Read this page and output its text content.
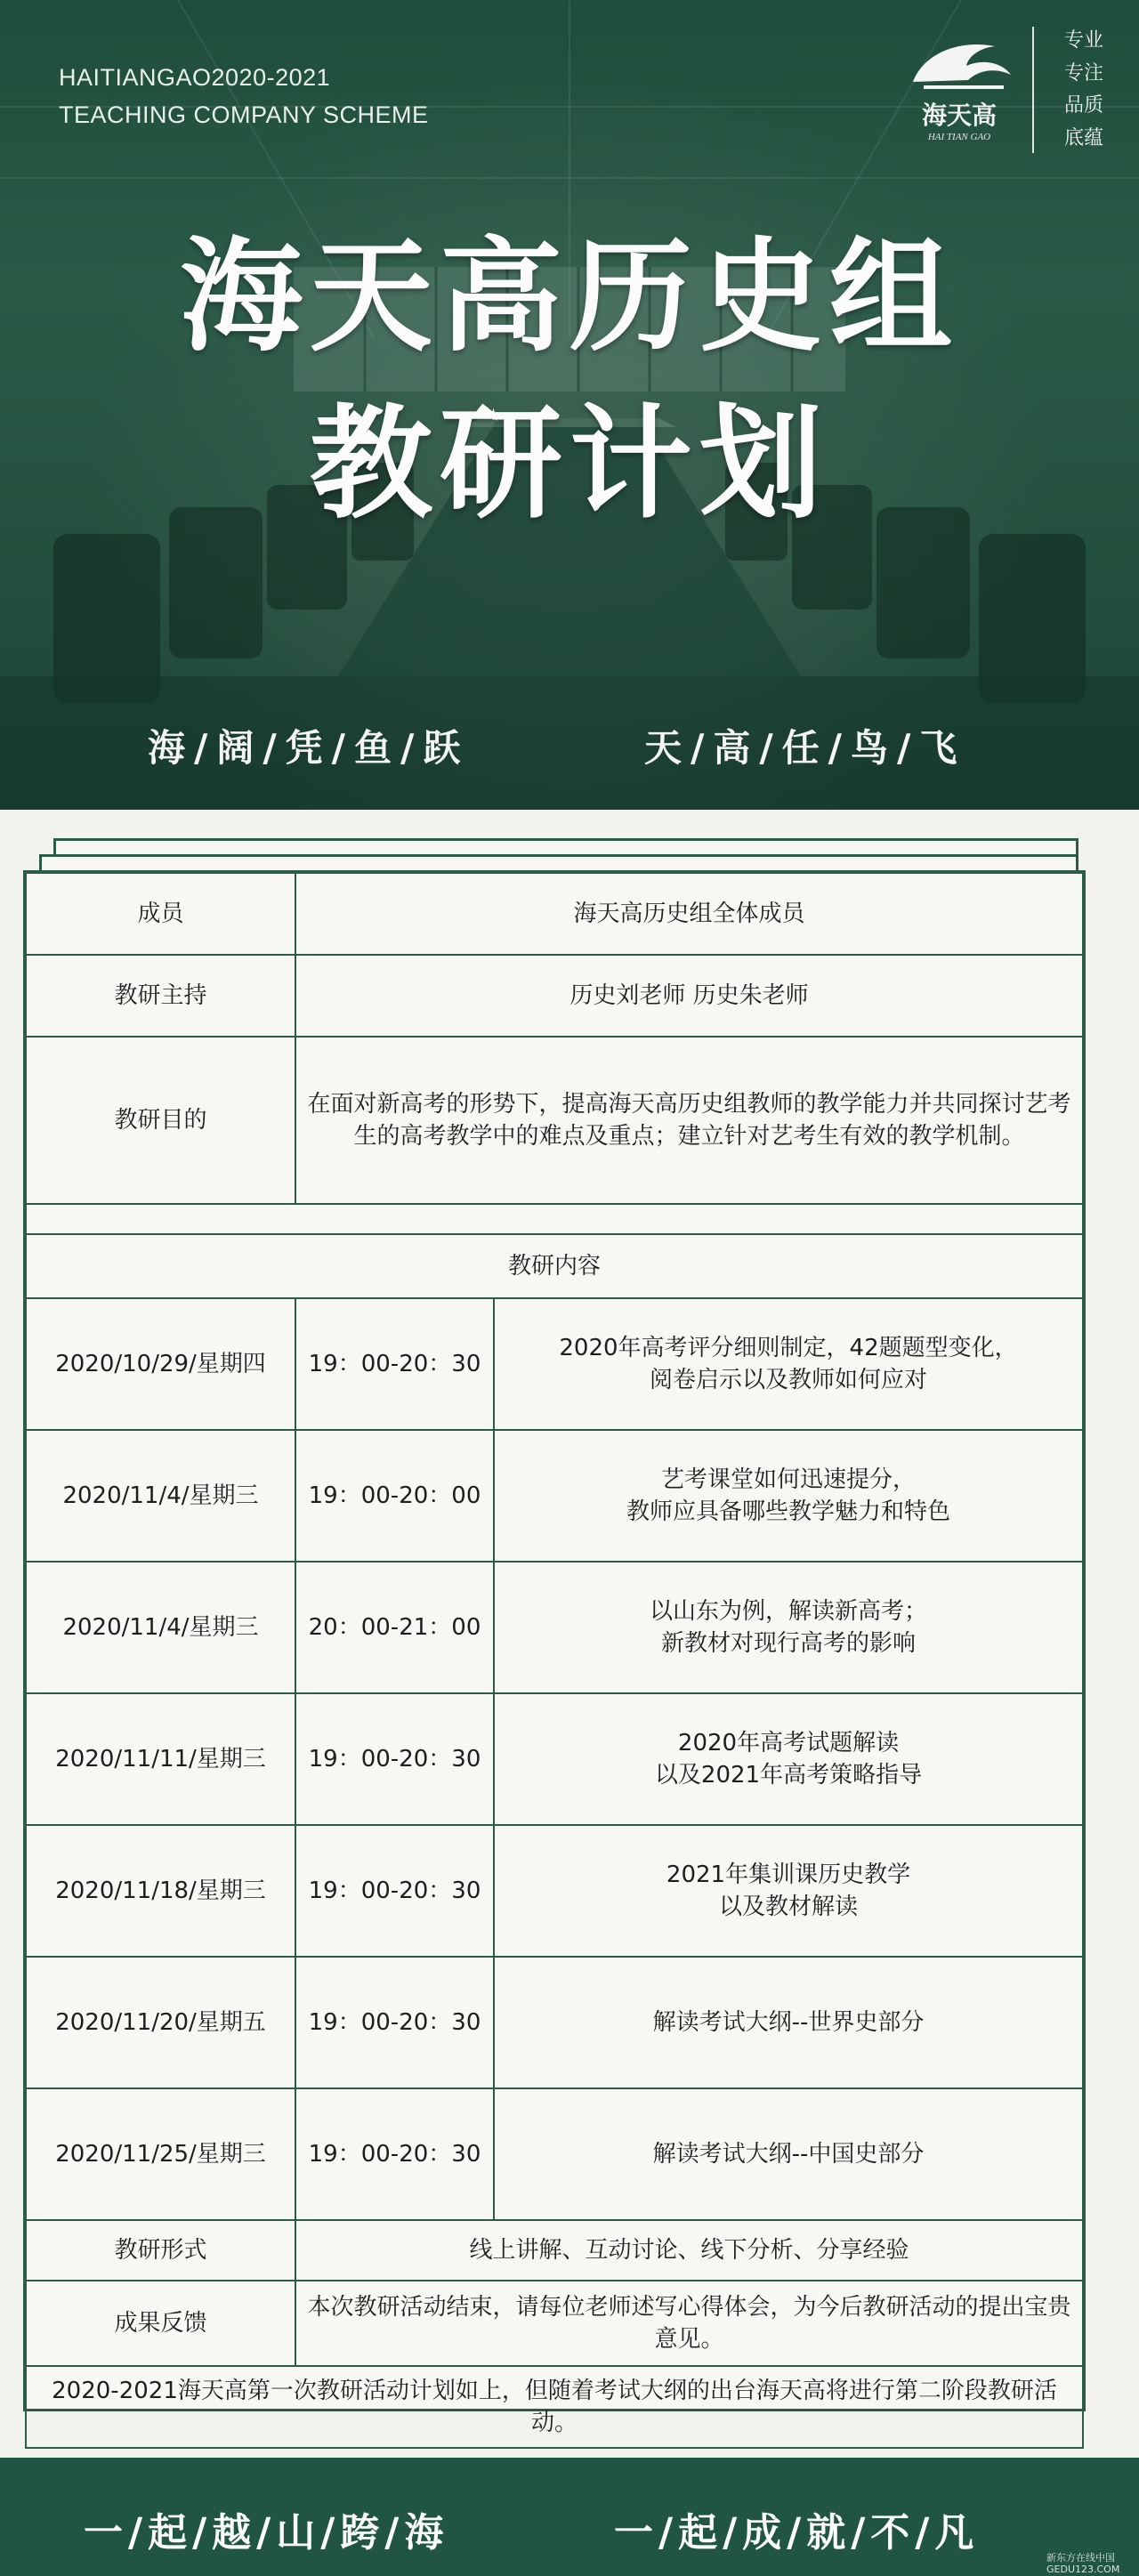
HAITIANGAO2020-2021
TEACHING COMPANY SCHEME	海天高
HAI TIAN GAO
专业
专注
品质
底蕴
海天高历史组
教研计划
海/阔/凭/鱼/跃	天/高/任/鸟/飞
成员	海天高历史组全体成员	
教研主持	历史刘老师 历史朱老师	
教研目的	在面对新高考的形势下，提高海天高历史组教师的教学能力并共同探讨艺考生的高考教学中的难点及重点；建立针对艺考生有效的教学机制。	

教研内容		
2020/10/29/星期四	19：00-20：30	2020年高考评分细则制定，42题题型变化，
阅卷启示以及教师如何应对

2020/11/4/星期三	19：00-20：00	艺考课堂如何迅速提分，
教师应具备哪些教学魅力和特色

2020/11/4/星期三	20：00-21：00	以山东为例，解读新高考；
新教材对现行高考的影响

2020/11/11/星期三	19：00-20：30	2020年高考试题解读
以及2021年高考策略指导

2020/11/18/星期三	19：00-20：30	2021年集训课历史教学
以及教材解读

2020/11/20/星期五	19：00-20：30	解读考试大纲--世界史部分

2020/11/25/星期三	19：00-20：30	解读考试大纲--中国史部分

教研形式	线上讲解、互动讨论、线下分析、分享经验	
成果反馈	本次教研活动结束，请每位老师述写心得体会，为今后教研活动的提出宝贵意见。	
2020-2021海天高第一次教研活动计划如上，但随着考试大纲的出台海天高将进行第二阶段教研活动。		
一/起/越/山/跨/海	一/起/成/就/不/凡
新东方在线中国
GEDU123.COM
